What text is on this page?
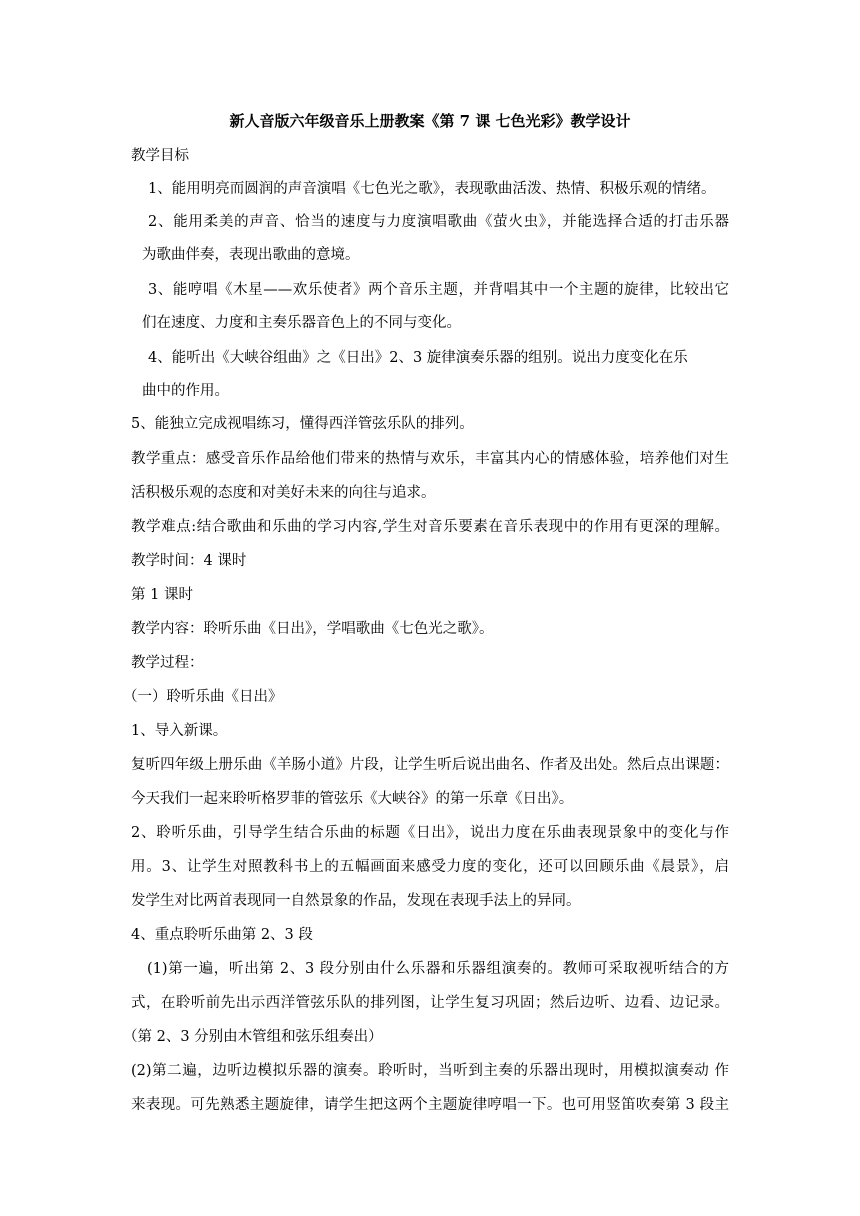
新人音版六年级音乐上册教案《第 7 课 七色光彩》教学设计
教学目标
1、能用明亮而圆润的声音演唱《七色光之歌》，表现歌曲活泼、热情、积极乐观的情绪。
2、能用柔美的声音、恰当的速度与力度演唱歌曲《萤火虫》，并能选择合适的打击乐器
为歌曲伴奏，表现出歌曲的意境。
3、能哼唱《木星——欢乐使者》两个音乐主题，并背唱其中一个主题的旋律，比较出它
们在速度、力度和主奏乐器音色上的不同与变化。
4、能听出《大峡谷组曲》之《日出》2、3 旋律演奏乐器的组别。说出力度变化在乐
曲中的作用。
5、能独立完成视唱练习，懂得西洋管弦乐队的排列。
教学重点：感受音乐作品给他们带来的热情与欢乐，丰富其内心的情感体验，培养他们对生
活积极乐观的态度和对美好未来的向往与追求。
教学难点:结合歌曲和乐曲的学习内容,学生对音乐要素在音乐表现中的作用有更深的理解。
教学时间：4 课时
第 1 课时
教学内容：聆听乐曲《日出》，学唱歌曲《七色光之歌》。
教学过程：
（一）聆听乐曲《日出》
1、导入新课。
复听四年级上册乐曲《羊肠小道》片段，让学生听后说出曲名、作者及出处。然后点出课题：
今天我们一起来聆听格罗菲的管弦乐《大峡谷》的第一乐章《日出》。
2、聆听乐曲，引导学生结合乐曲的标题《日出》，说出力度在乐曲表现景象中的变化与作
用。3、让学生对照教科书上的五幅画面来感受力度的变化，还可以回顾乐曲《晨景》，启
发学生对比两首表现同一自然景象的作品，发现在表现手法上的异同。
4、重点聆听乐曲第 2、3 段
(1)第一遍，听出第 2、3 段分别由什么乐器和乐器组演奏的。教师可采取视听结合的方
式，在聆听前先出示西洋管弦乐队的排列图，让学生复习巩固；然后边听、边看、边记录。
（第 2、3 分别由木管组和弦乐组奏出）
(2)第二遍，边听边模拟乐器的演奏。聆听时，当听到主奏的乐器出现时，用模拟演奏动 作
来表现。可先熟悉主题旋律，请学生把这两个主题旋律哼唱一下。也可用竖笛吹奏第 3 段主
